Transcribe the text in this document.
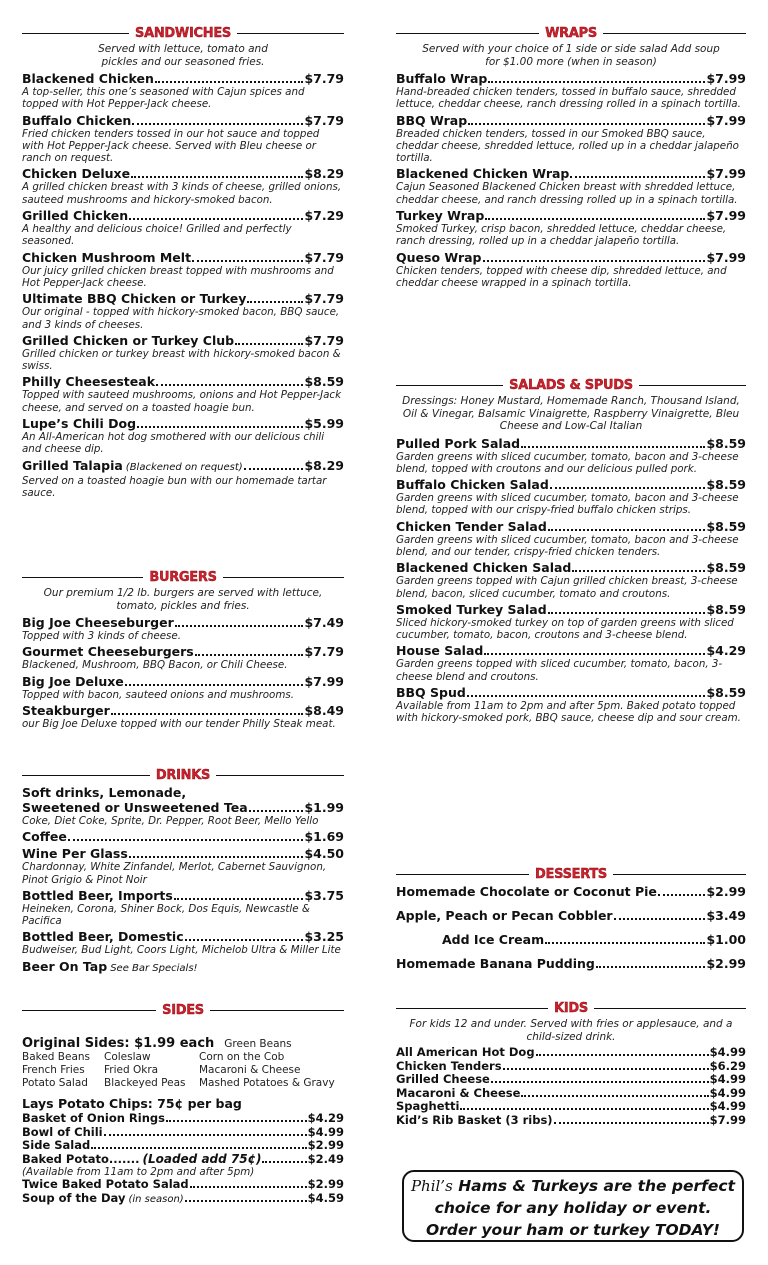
SANDWICHES
Served with lettuce, tomato and pickles and our seasoned fries.
Blackened Chicken	$7.79
A top-seller, this one’s seasoned with Cajun spices and topped with Hot Pepper-Jack cheese.
Buffalo Chicken	$7.79
Fried chicken tenders tossed in our hot sauce and topped with Hot Pepper-Jack cheese. Served with Bleu cheese or ranch on request.
Chicken Deluxe	$8.29
A grilled chicken breast with 3 kinds of cheese, grilled onions, sauteed mushrooms and hickory-smoked bacon.
Grilled Chicken	$7.29
A healthy and delicious choice! Grilled and perfectly seasoned.
Chicken Mushroom Melt	$7.79
Our juicy grilled chicken breast topped with mushrooms and Hot Pepper-Jack cheese.
Ultimate BBQ Chicken or Turkey	$7.79
Our original - topped with hickory-smoked bacon, BBQ sauce, and 3 kinds of cheeses.
Grilled Chicken or Turkey Club	$7.79
Grilled chicken or turkey breast with hickory-smoked bacon & swiss.
Philly Cheesesteak	$8.59
Topped with sauteed mushrooms, onions and Hot Pepper-Jack cheese, and served on a toasted hoagie bun.
Lupe’s Chili Dog	$5.99
An All-American hot dog smothered with our delicious chili and cheese dip.
Grilled Talapia (Blackened on request)	$8.29
Served on a toasted hoagie bun with our homemade tartar sauce.
BURGERS
Our premium 1/2 lb. burgers are served with lettuce, tomato, pickles and fries.
Big Joe Cheeseburger	$7.49
Topped with 3 kinds of cheese.
Gourmet Cheeseburgers	$7.79
Blackened, Mushroom, BBQ Bacon, or Chili Cheese.
Big Joe Deluxe	$7.99
Topped with bacon, sauteed onions and mushrooms.
Steakburger	$8.49
our Big Joe Deluxe topped with our tender Philly Steak meat.
DRINKS
Soft drinks, Lemonade,
Sweetened or Unsweetened Tea	$1.99
Coke, Diet Coke, Sprite, Dr. Pepper, Root Beer, Mello Yello
Coffee	$1.69
Wine Per Glass	$4.50
Chardonnay, White Zinfandel, Merlot, Cabernet Sauvignon, Pinot Grigio & Pinot Noir
Bottled Beer, Imports	$3.75
Heineken, Corona, Shiner Bock, Dos Equis, Newcastle & Pacifica
Bottled Beer, Domestic	$3.25
Budweiser, Bud Light, Coors Light, Michelob Ultra & Miller Lite
Beer On Tap See Bar Specials!
SIDES
Original Sides: $1.99 each Green Beans
Baked Beans	Coleslaw	Corn on the Cob
French Fries	Fried Okra	Macaroni & Cheese
Potato Salad	Blackeyed Peas	Mashed Potatoes & Gravy
Lays Potato Chips: 75¢ per bag
Basket of Onion Rings	$4.29
Bowl of Chili	$4.99
Side Salad	$2.99
Baked Potato....... (Loaded add 75¢)	$2.49
(Available from 11am to 2pm and after 5pm)
Twice Baked Potato Salad	$2.99
Soup of the Day (in season)	$4.59
WRAPS
Served with your choice of 1 side or side salad Add soup for $1.00 more (when in season)
Buffalo Wrap	$7.99
Hand-breaded chicken tenders, tossed in buffalo sauce, shredded lettuce, cheddar cheese, ranch dressing rolled in a spinach tortilla.
BBQ Wrap	$7.99
Breaded chicken tenders, tossed in our Smoked BBQ sauce, cheddar cheese, shredded lettuce, rolled up in a cheddar jalapeño tortilla.
Blackened Chicken Wrap	$7.99
Cajun Seasoned Blackened Chicken breast with shredded lettuce, cheddar cheese, and ranch dressing rolled up in a spinach tortilla.
Turkey Wrap	$7.99
Smoked Turkey, crisp bacon, shredded lettuce, cheddar cheese, ranch dressing, rolled up in a cheddar jalapeño tortilla.
Queso Wrap	$7.99
Chicken tenders, topped with cheese dip, shredded lettuce, and cheddar cheese wrapped in a spinach tortilla.
SALADS & SPUDS
Dressings: Honey Mustard, Homemade Ranch, Thousand Island, Oil & Vinegar, Balsamic Vinaigrette, Raspberry Vinaigrette, Bleu Cheese and Low-Cal Italian
Pulled Pork Salad	$8.59
Garden greens with sliced cucumber, tomato, bacon and 3-cheese blend, topped with croutons and our delicious pulled pork.
Buffalo Chicken Salad	$8.59
Garden greens with sliced cucumber, tomato, bacon and 3-cheese blend, topped with our crispy-fried buffalo chicken strips.
Chicken Tender Salad	$8.59
Garden greens with sliced cucumber, tomato, bacon and 3-cheese blend, and our tender, crispy-fried chicken tenders.
Blackened Chicken Salad	$8.59
Garden greens topped with Cajun grilled chicken breast, 3-cheese blend, bacon, sliced cucumber, tomato and croutons.
Smoked Turkey Salad	$8.59
Sliced hickory-smoked turkey on top of garden greens with sliced cucumber, tomato, bacon, croutons and 3-cheese blend.
House Salad	$4.29
Garden greens topped with sliced cucumber, tomato, bacon, 3-cheese blend and croutons.
BBQ Spud	$8.59
Available from 11am to 2pm and after 5pm. Baked potato topped with hickory-smoked pork, BBQ sauce, cheese dip and sour cream.
DESSERTS
Homemade Chocolate or Coconut Pie	$2.99
Apple, Peach or Pecan Cobbler	$3.49
Add Ice Cream	$1.00
Homemade Banana Pudding	$2.99
KIDS
For kids 12 and under. Served with fries or applesauce, and a child-sized drink.
All American Hot Dog	$4.99
Chicken Tenders	$6.29
Grilled Cheese	$4.99
Macaroni & Cheese	$4.99
Spaghetti	$4.99
Kid’s Rib Basket (3 ribs)	$7.99
Phil’s Hams & Turkeys are the perfect
choice for any holiday or event.
Order your ham or turkey TODAY!
